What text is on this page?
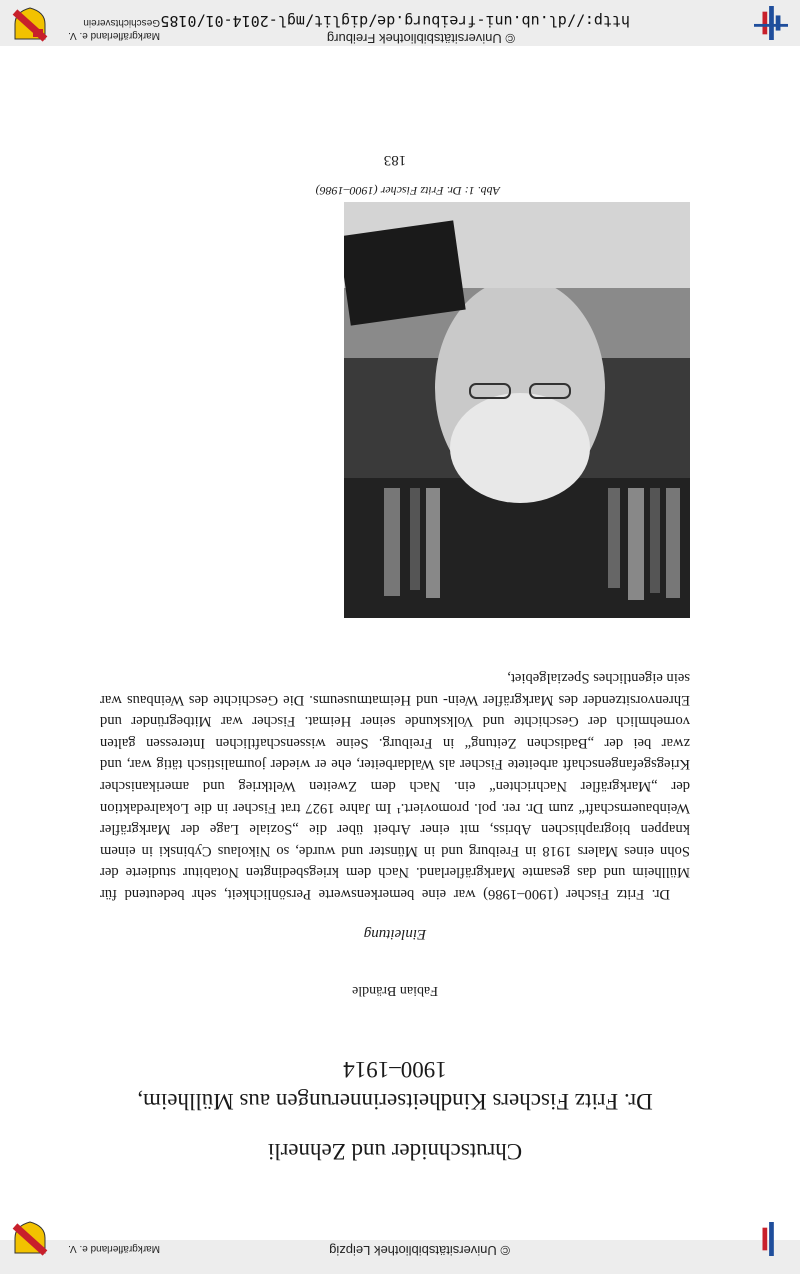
http://dl.ub.uni-freiburg.de/diglit/mgl-2014-01/0185
© Universitätsbibliothek Freiburg
Geschichtsverein
Markgräflerland e. V.
© Universitätsbibliothek Leipzig
Markgräflerland e. V.
Chrutschnider und Zehnerli
Dr. Fritz Fischers Kindheitserinnerungen aus Müllheim,
1900–1914
Fabian Brändle
Einleitung

Dr. Fritz Fischer (1900–1986) war eine bemerkenswerte Persönlichkeit, sehr bedeutend für Müllheim und das gesamte Markgräflerland. Nach dem kriegsbedingten Notabitur studierte der Sohn eines Malers 1918 in Freiburg und in Münster und wurde, so Nikolaus Cybinski in einem knappen biographischen Abriss, mit einer Arbeit über die „Soziale Lage der Markgräfler Weinbauernschaft“ zum Dr. rer. pol. promoviert.¹ Im Jahre 1927 trat Fischer in die Lokalredaktion der „Markgräfler Nachrichten“ ein. Nach dem Zweiten Weltkrieg und amerikanischer Kriegsgefangenschaft arbeitete Fischer als Waldarbeiter, ehe er wieder journalistisch tätig war, und zwar bei der „Badischen Zeitung“ in Freiburg. Seine wissenschaftlichen Interessen galten vornehmlich der Geschichte und Volkskunde seiner Heimat. Fischer war Mitbegründer und Ehrenvorsitzender des Markgräfler Wein- und Heimatmuseums. Die Geschichte des Weinbaus war sein eigentliches Spezialgebiet,

Abb. 1: Dr. Fritz Fischer (1900–1986)
183
